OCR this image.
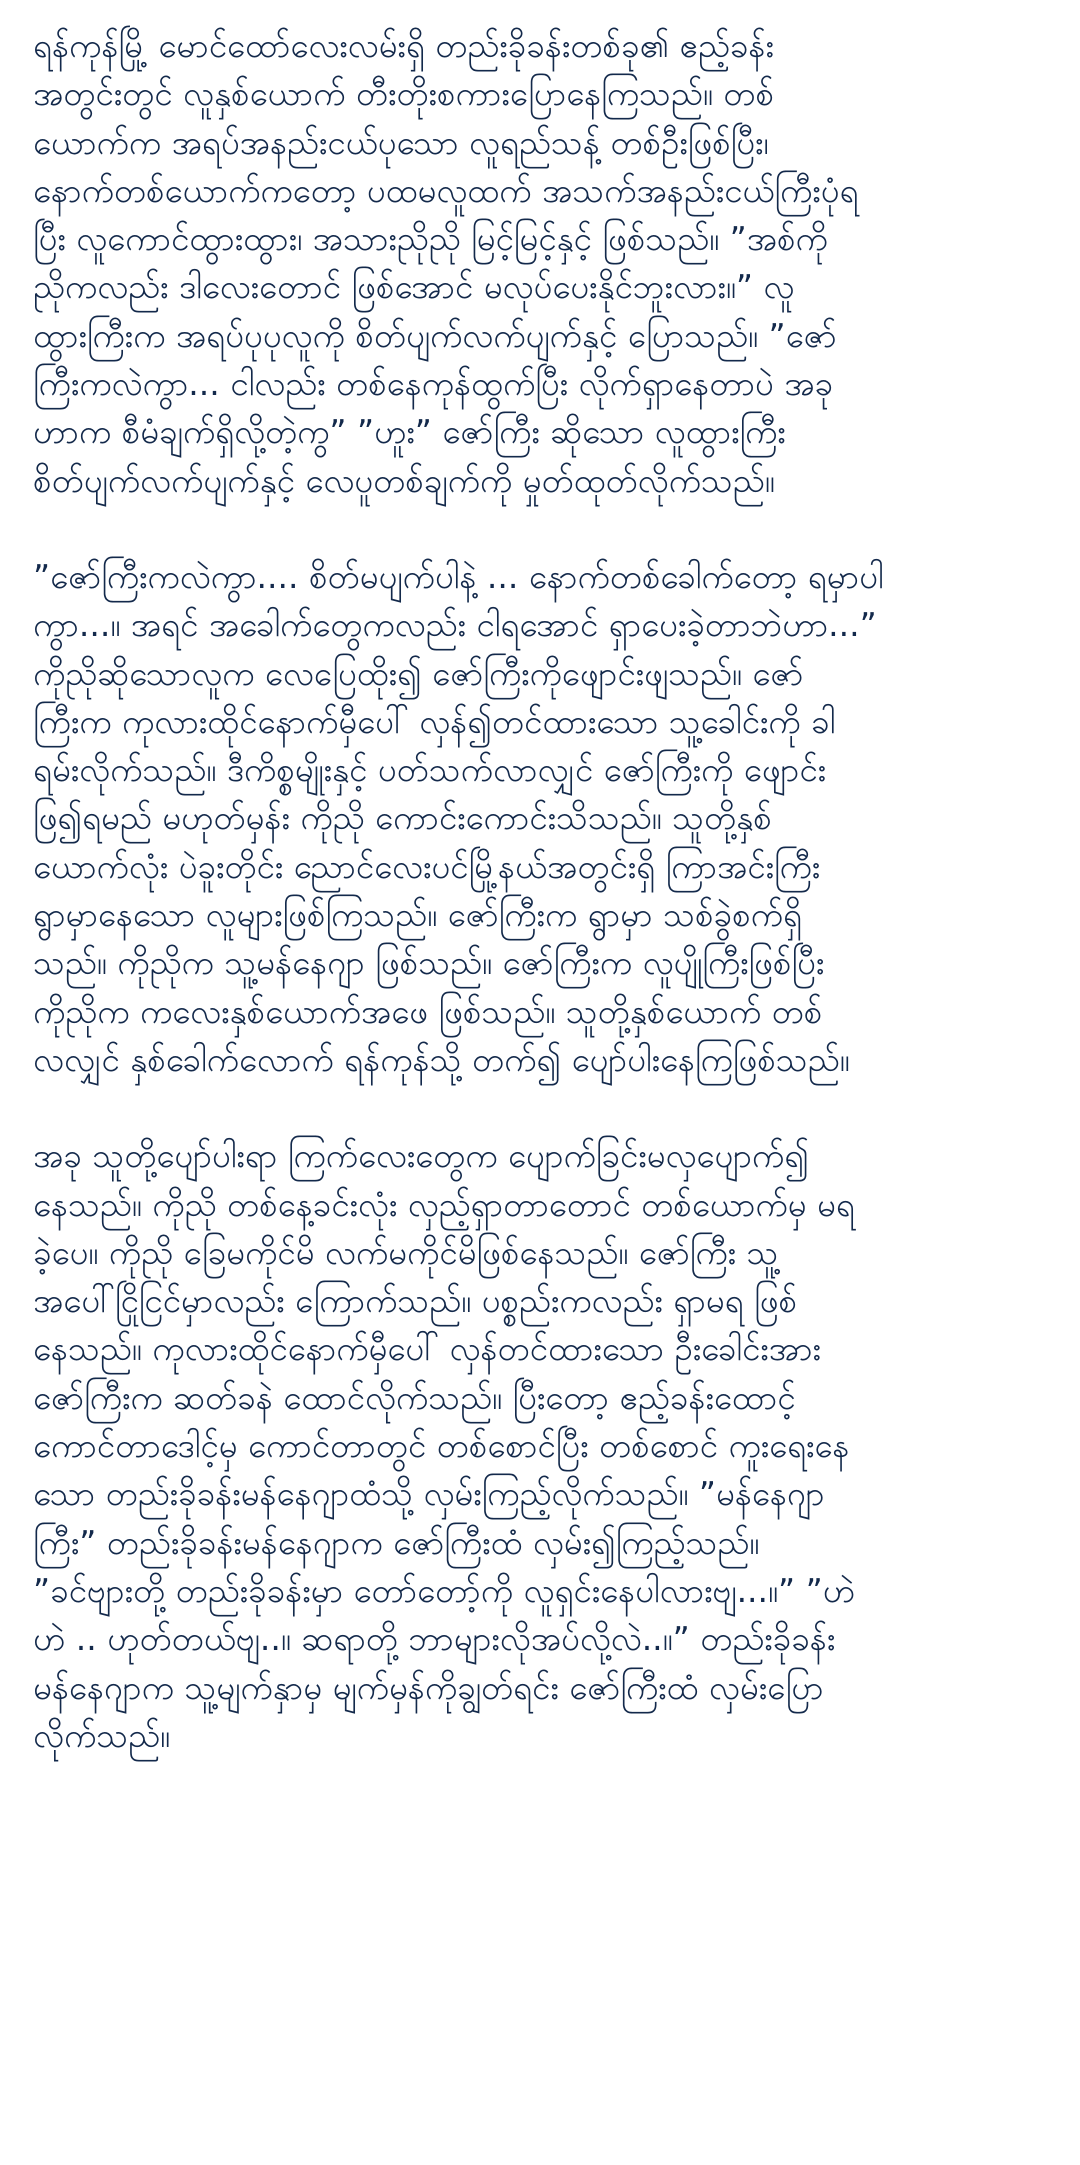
ရန်ကုန်မြို့ မောင်ထော်လေးလမ်းရှိ တည်းခိုခန်းတစ်ခု၏ ဧည့်ခန်း
အတွင်းတွင် လူနှစ်ယောက် တီးတိုးစကားပြောနေကြသည်။ တစ်
ယောက်က အရပ်အနည်းငယ်ပုသော လူရည်သန့် တစ်ဦးဖြစ်ပြီး၊
နောက်တစ်ယောက်ကတော့ ပထမလူထက် အသက်အနည်းငယ်ကြီးပုံရ
ပြီး လူကောင်ထွားထွား၊ အသားညိုညို မြင့်မြင့်နှင့် ဖြစ်သည်။ ”အစ်ကို
ညိုကလည်း ဒါလေးတောင် ဖြစ်အောင် မလုပ်ပေးနိုင်ဘူးလား။” လူ
ထွားကြီးက အရပ်ပုပုလူကို စိတ်ပျက်လက်ပျက်နှင့် ပြောသည်။ ”ဇော်
ကြီးကလဲကွာ... ငါလည်း တစ်နေကုန်ထွက်ပြီး လိုက်ရှာနေတာပဲ အခု
ဟာက စီမံချက်ရှိလို့တဲ့ကွ” ”ဟူး” ဇော်ကြီး ဆိုသော လူထွားကြီး
စိတ်ပျက်လက်ပျက်နှင့် လေပူတစ်ချက်ကို မှုတ်ထုတ်လိုက်သည်။

”ဇော်ကြီးကလဲကွာ.... စိတ်မပျက်ပါနဲ့ ... နောက်တစ်ခေါက်တော့ ရမှာပါ
ကွာ...။ အရင် အခေါက်တွေကလည်း ငါရအောင် ရှာပေးခဲ့တာဘဲဟာ...”
ကိုညိုဆိုသောလူက လေပြေထိုး၍ ဇော်ကြီးကိုဖျောင်းဖျသည်။ ဇော်
ကြီးက ကုလားထိုင်နောက်မှီပေါ် လှန်၍တင်ထားသော သူ့ခေါင်းကို ခါ
ရမ်းလိုက်သည်။ ဒီကိစ္စမျိုးနှင့် ပတ်သက်လာလျှင် ဇော်ကြီးကို ဖျောင်း
ဖြ၍ရမည် မဟုတ်မှန်း ကိုညို ကောင်းကောင်းသိသည်။ သူတို့နှစ်
ယောက်လုံး ပဲခူးတိုင်း ညောင်လေးပင်မြို့နယ်အတွင်းရှိ ကြာအင်းကြီး
ရွာမှာနေသော လူများဖြစ်ကြသည်။ ဇော်ကြီးက ရွာမှာ သစ်ခွဲစက်ရှိ
သည်။ ကိုညိုက သူ့မန်နေဂျာ ဖြစ်သည်။ ဇော်ကြီးက လူပျိုကြီးဖြစ်ပြီး
ကိုညိုက ကလေးနှစ်ယောက်အဖေ ဖြစ်သည်။ သူတို့နှစ်ယောက် တစ်
လလျှင် နှစ်ခေါက်လောက် ရန်ကုန်သို့ တက်၍ ပျော်ပါးနေကြဖြစ်သည်။

အခု သူတို့ပျော်ပါးရာ ကြက်လေးတွေက ပျောက်ခြင်းမလှပျောက်၍
နေသည်။ ကိုညို တစ်နေ့ခင်းလုံး လှည့်ရှာတာတောင် တစ်ယောက်မှ မရ
ခဲ့ပေ။ ကိုညို ခြေမကိုင်မိ လက်မကိုင်မိဖြစ်နေသည်။ ဇော်ကြီး သူ့
အပေါ်ငြိုငြင်မှာလည်း ကြောက်သည်။ ပစ္စည်းကလည်း ရှာမရ ဖြစ်
နေသည်။ ကုလားထိုင်နောက်မှီပေါ် လှန်တင်ထားသော ဦးခေါင်းအား
ဇော်ကြီးက ဆတ်ခနဲ ထောင်လိုက်သည်။ ပြီးတော့ ဧည့်ခန်းထောင့်
ကောင်တာဒေါင့်မှ ကောင်တာတွင် တစ်စောင်ပြီး တစ်စောင် ကူးရေးနေ
သော တည်းခိုခန်းမန်နေဂျာထံသို့ လှမ်းကြည့်လိုက်သည်။ ”မန်နေဂျာ
ကြီး” တည်းခိုခန်းမန်နေဂျာက ဇော်ကြီးထံ လှမ်း၍ကြည့်သည်။
”ခင်ဗျားတို့ တည်းခိုခန်းမှာ တော်တော့်ကို လူရှင်းနေပါလားဗျ...။” ”ဟဲ
ဟဲ .. ဟုတ်တယ်ဗျ..။ ဆရာတို့ ဘာများလိုအပ်လို့လဲ..။” တည်းခိုခန်း
မန်နေဂျာက သူ့မျက်နှာမှ မျက်မှန်ကိုချွတ်ရင်း ဇော်ကြီးထံ လှမ်းပြော
လိုက်သည်။
